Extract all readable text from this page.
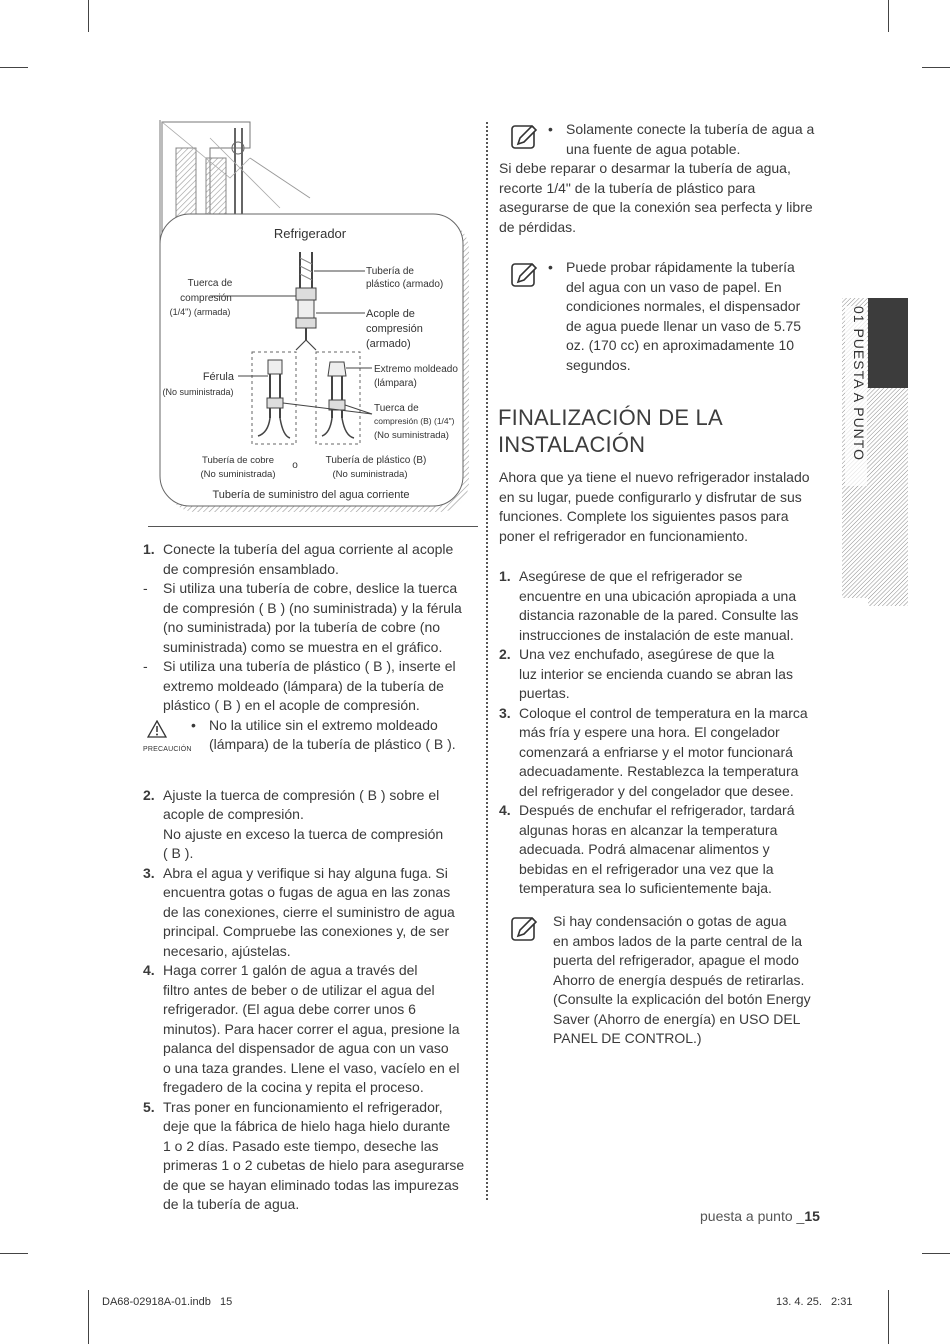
Refrigerador
Tubería de
plástico (armado)
Tuerca de
compresión
(1/4") (armada)	Acople de
compresión
(armado)
Férula
(No suministrada)
Extremo moldeado
(lámpara)
Tuerca de
compresión (B) (1/4")
(No suministrada)
Tubería de cobre
(No suministrada)
o	Tubería de plástico (B)
(No suministrada)
Tubería de suministro del agua corriente
1. Conecte la tubería del agua corriente al acople
de compresión ensamblado.
- Si utiliza una tubería de cobre, deslice la tuerca
de compresión ( B ) (no suministrada) y la férula
(no suministrada) por la tubería de cobre (no
suministrada) como se muestra en el gráfico.
- Si utiliza una tubería de plástico ( B ), inserte el
extremo moldeado (lámpara) de la tubería de
plástico ( B ) en el acople de compresión.
PRECAUCIÓN
• No la utilice sin el extremo moldeado
(lámpara) de la tubería de plástico ( B ).
2. Ajuste la tuerca de compresión ( B ) sobre el
acople de compresión.
No ajuste en exceso la tuerca de compresión
( B ).
3. Abra el agua y verifique si hay alguna fuga. Si
encuentra gotas o fugas de agua en las zonas
de las conexiones, cierre el suministro de agua
principal. Compruebe las conexiones y, de ser
necesario, ajústelas.
4. Haga correr 1 galón de agua a través del
filtro antes de beber o de utilizar el agua del
refrigerador. (El agua debe correr unos 6
minutos). Para hacer correr el agua, presione la
palanca del dispensador de agua con un vaso
o una taza grandes. Llene el vaso, vacíelo en el
fregadero de la cocina y repita el proceso.
5. Tras poner en funcionamiento el refrigerador,
deje que la fábrica de hielo haga hielo durante
1 o 2 días. Pasado este tiempo, deseche las
primeras 1 o 2 cubetas de hielo para asegurarse
de que se hayan eliminado todas las impurezas
de la tubería de agua.
• Solamente conecte la tubería de agua a
una fuente de agua potable.
Si debe reparar o desarmar la tubería de agua,
recorte 1/4" de la tubería de plástico para
asegurarse de que la conexión sea perfecta y libre
de pérdidas.
• Puede probar rápidamente la tubería
del agua con un vaso de papel. En
condiciones normales, el dispensador
de agua puede llenar un vaso de 5.75
oz. (170 cc) en aproximadamente 10
segundos.
FINALIZACIÓN DE LA
INSTALACIÓN
Ahora que ya tiene el nuevo refrigerador instalado
en su lugar, puede configurarlo y disfrutar de sus
funciones. Complete los siguientes pasos para
poner el refrigerador en funcionamiento.
1. Asegúrese de que el refrigerador se
encuentre en una ubicación apropiada a una
distancia razonable de la pared. Consulte las
instrucciones de instalación de este manual.
2. Una vez enchufado, asegúrese de que la
luz interior se encienda cuando se abran las
puertas.
3. Coloque el control de temperatura en la marca
más fría y espere una hora. El congelador
comenzará a enfriarse y el motor funcionará
adecuadamente. Restablezca la temperatura
del refrigerador y del congelador que desee.
4. Después de enchufar el refrigerador, tardará
algunas horas en alcanzar la temperatura
adecuada. Podrá almacenar alimentos y
bebidas en el refrigerador una vez que la
temperatura sea lo suficientemente baja.
Si hay condensación o gotas de agua
en ambos lados de la parte central de la
puerta del refrigerador, apague el modo
Ahorro de energía después de retirarlas.
(Consulte la explicación del botón Energy
Saver (Ahorro de energía) en USO DEL
PANEL DE CONTROL.)
01 PUESTA A PUNTO
puesta a punto _15
DA68-02918A-01.indb   15	13. 4. 25.   2:31
